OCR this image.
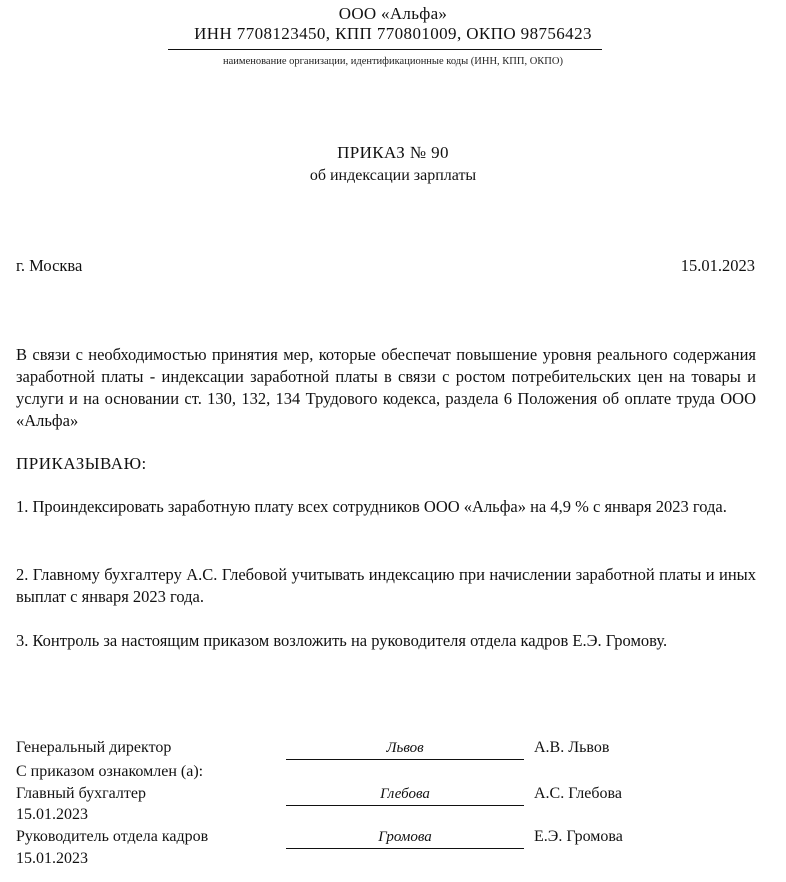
ООО «Альфа»
ИНН 7708123450, КПП 770801009, ОКПО 98756423
наименование организации, идентификационные коды (ИНН, КПП, ОКПО)
ПРИКАЗ № 90
об индексации зарплаты
г. Москва	15.01.2023
В связи с необходимостью принятия мер, которые обеспечат повышение уровня реального содержания заработной платы - индексации заработной платы в связи с ростом потребительских цен на товары и услуги и на основании ст. 130, 132, 134 Трудового кодекса, раздела 6 Положения об оплате труда ООО «Альфа»
ПРИКАЗЫВАЮ:
1. Проиндексировать заработную плату всех сотрудников ООО «Альфа» на 4,9 % с января 2023 года.
2. Главному бухгалтеру А.С. Глебовой учитывать индексацию при начислении заработной платы и иных выплат с января 2023 года.
3. Контроль за настоящим приказом возложить на руководителя отдела кадров Е.Э. Громову.
Генеральный директор	Львов	А.В. Львов
С приказом ознакомлен (а):
Главный бухгалтер	Глебова	А.С. Глебова
15.01.2023
Руководитель отдела кадров	Громова	Е.Э. Громова
15.01.2023
